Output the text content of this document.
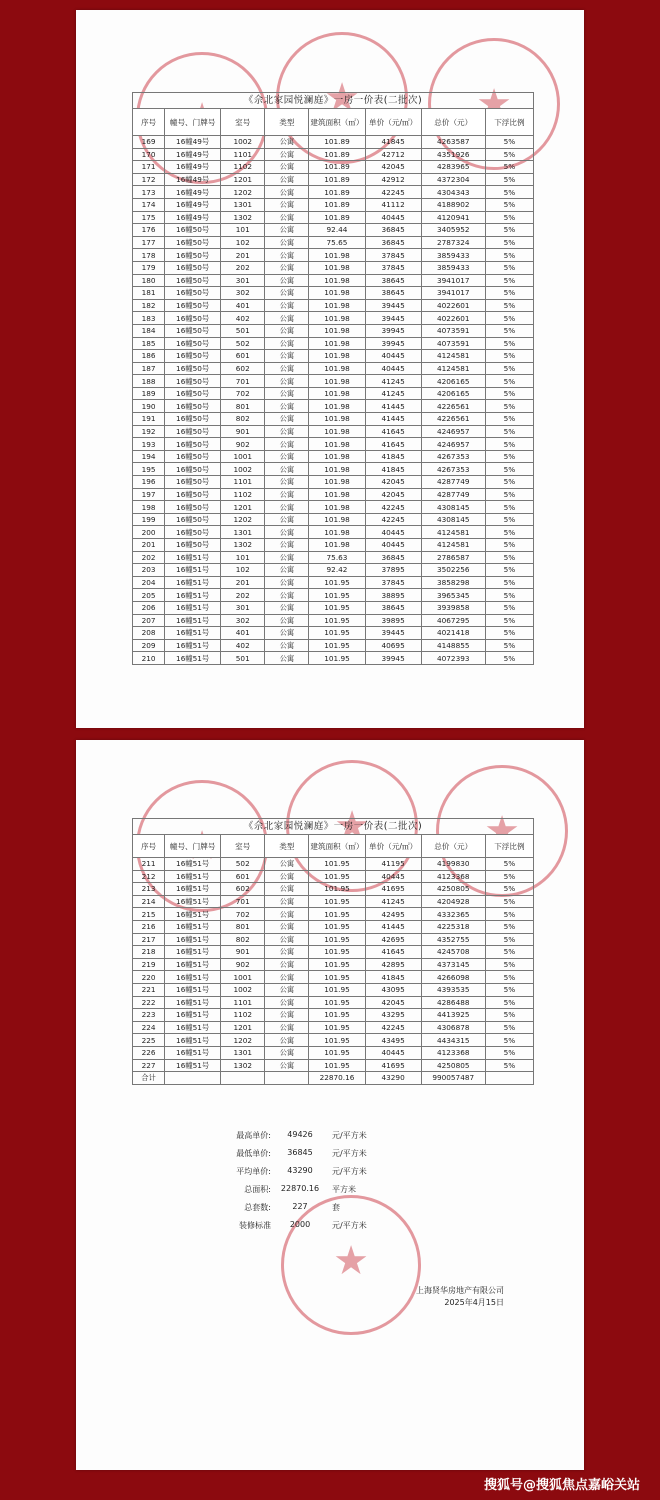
★
★
★
《佘北家园悦澜庭》一房一价表(二批次)							
序号	幢号、门牌号	室号	类型	建筑面积（㎡）	单价（元/㎡）	总价（元）	下浮比例
169	16幢49号	1002	公寓	101.89	41845	4263587	5%
170	16幢49号	1101	公寓	101.89	42712	4351926	5%
171	16幢49号	1102	公寓	101.89	42045	4283965	5%
172	16幢49号	1201	公寓	101.89	42912	4372304	5%
173	16幢49号	1202	公寓	101.89	42245	4304343	5%
174	16幢49号	1301	公寓	101.89	41112	4188902	5%
175	16幢49号	1302	公寓	101.89	40445	4120941	5%
176	16幢50号	101	公寓	92.44	36845	3405952	5%
177	16幢50号	102	公寓	75.65	36845	2787324	5%
178	16幢50号	201	公寓	101.98	37845	3859433	5%
179	16幢50号	202	公寓	101.98	37845	3859433	5%
180	16幢50号	301	公寓	101.98	38645	3941017	5%
181	16幢50号	302	公寓	101.98	38645	3941017	5%
182	16幢50号	401	公寓	101.98	39445	4022601	5%
183	16幢50号	402	公寓	101.98	39445	4022601	5%
184	16幢50号	501	公寓	101.98	39945	4073591	5%
185	16幢50号	502	公寓	101.98	39945	4073591	5%
186	16幢50号	601	公寓	101.98	40445	4124581	5%
187	16幢50号	602	公寓	101.98	40445	4124581	5%
188	16幢50号	701	公寓	101.98	41245	4206165	5%
189	16幢50号	702	公寓	101.98	41245	4206165	5%
190	16幢50号	801	公寓	101.98	41445	4226561	5%
191	16幢50号	802	公寓	101.98	41445	4226561	5%
192	16幢50号	901	公寓	101.98	41645	4246957	5%
193	16幢50号	902	公寓	101.98	41645	4246957	5%
194	16幢50号	1001	公寓	101.98	41845	4267353	5%
195	16幢50号	1002	公寓	101.98	41845	4267353	5%
196	16幢50号	1101	公寓	101.98	42045	4287749	5%
197	16幢50号	1102	公寓	101.98	42045	4287749	5%
198	16幢50号	1201	公寓	101.98	42245	4308145	5%
199	16幢50号	1202	公寓	101.98	42245	4308145	5%
200	16幢50号	1301	公寓	101.98	40445	4124581	5%
201	16幢50号	1302	公寓	101.98	40445	4124581	5%
202	16幢51号	101	公寓	75.63	36845	2786587	5%
203	16幢51号	102	公寓	92.42	37895	3502256	5%
204	16幢51号	201	公寓	101.95	37845	3858298	5%
205	16幢51号	202	公寓	101.95	38895	3965345	5%
206	16幢51号	301	公寓	101.95	38645	3939858	5%
207	16幢51号	302	公寓	101.95	39895	4067295	5%
208	16幢51号	401	公寓	101.95	39445	4021418	5%
209	16幢51号	402	公寓	101.95	40695	4148855	5%
210	16幢51号	501	公寓	101.95	39945	4072393	5%
★
★
★
★
《佘北家园悦澜庭》一房一价表(二批次)							
序号	幢号、门牌号	室号	类型	建筑面积（㎡）	单价（元/㎡）	总价（元）	下浮比例
211	16幢51号	502	公寓	101.95	41195	4199830	5%
212	16幢51号	601	公寓	101.95	40445	4123368	5%
213	16幢51号	602	公寓	101.95	41695	4250805	5%
214	16幢51号	701	公寓	101.95	41245	4204928	5%
215	16幢51号	702	公寓	101.95	42495	4332365	5%
216	16幢51号	801	公寓	101.95	41445	4225318	5%
217	16幢51号	802	公寓	101.95	42695	4352755	5%
218	16幢51号	901	公寓	101.95	41645	4245708	5%
219	16幢51号	902	公寓	101.95	42895	4373145	5%
220	16幢51号	1001	公寓	101.95	41845	4266098	5%
221	16幢51号	1002	公寓	101.95	43095	4393535	5%
222	16幢51号	1101	公寓	101.95	42045	4286488	5%
223	16幢51号	1102	公寓	101.95	43295	4413925	5%
224	16幢51号	1201	公寓	101.95	42245	4306878	5%
225	16幢51号	1202	公寓	101.95	43495	4434315	5%
226	16幢51号	1301	公寓	101.95	40445	4123368	5%
227	16幢51号	1302	公寓	101.95	41695	4250805	5%
合计				22870.16	43290	990057487	
最高单价:	49426	元/平方米
最低单价:	36845	元/平方米
平均单价:	43290	元/平方米
总面积: 22870.16 平方米
总套数:	227	套
装修标准	2000	元/平方米
上海贤华房地产有限公司
2025年4月15日
搜狐号@搜狐焦点嘉峪关站
